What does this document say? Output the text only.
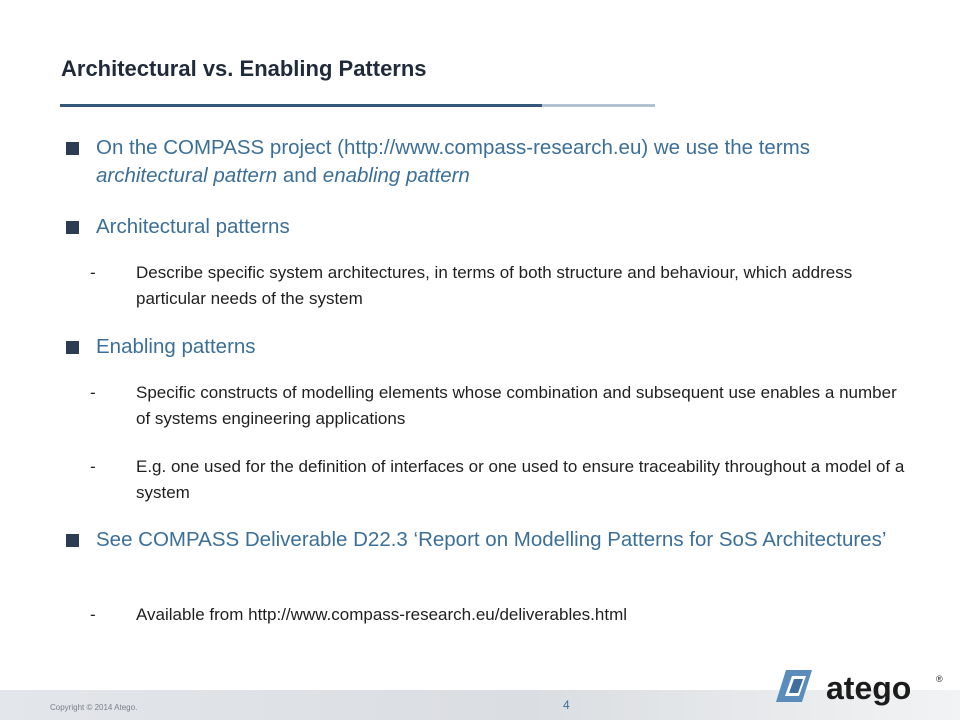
Architectural vs. Enabling Patterns
On the COMPASS project (http://www.compass-research.eu) we use the terms architectural pattern and enabling pattern
Architectural patterns
- Describe specific system architectures, in terms of both structure and behaviour, which address particular needs of the system
Enabling patterns
- Specific constructs of modelling elements whose combination and subsequent use enables a number of systems engineering applications
- E.g. one used for the definition of interfaces or one used to ensure traceability throughout a model of a system
See COMPASS Deliverable D22.3 ‘Report on Modelling Patterns for SoS Architectures’
- Available from http://www.compass-research.eu/deliverables.html
Copyright © 2014 Atego.	4	atego	®
